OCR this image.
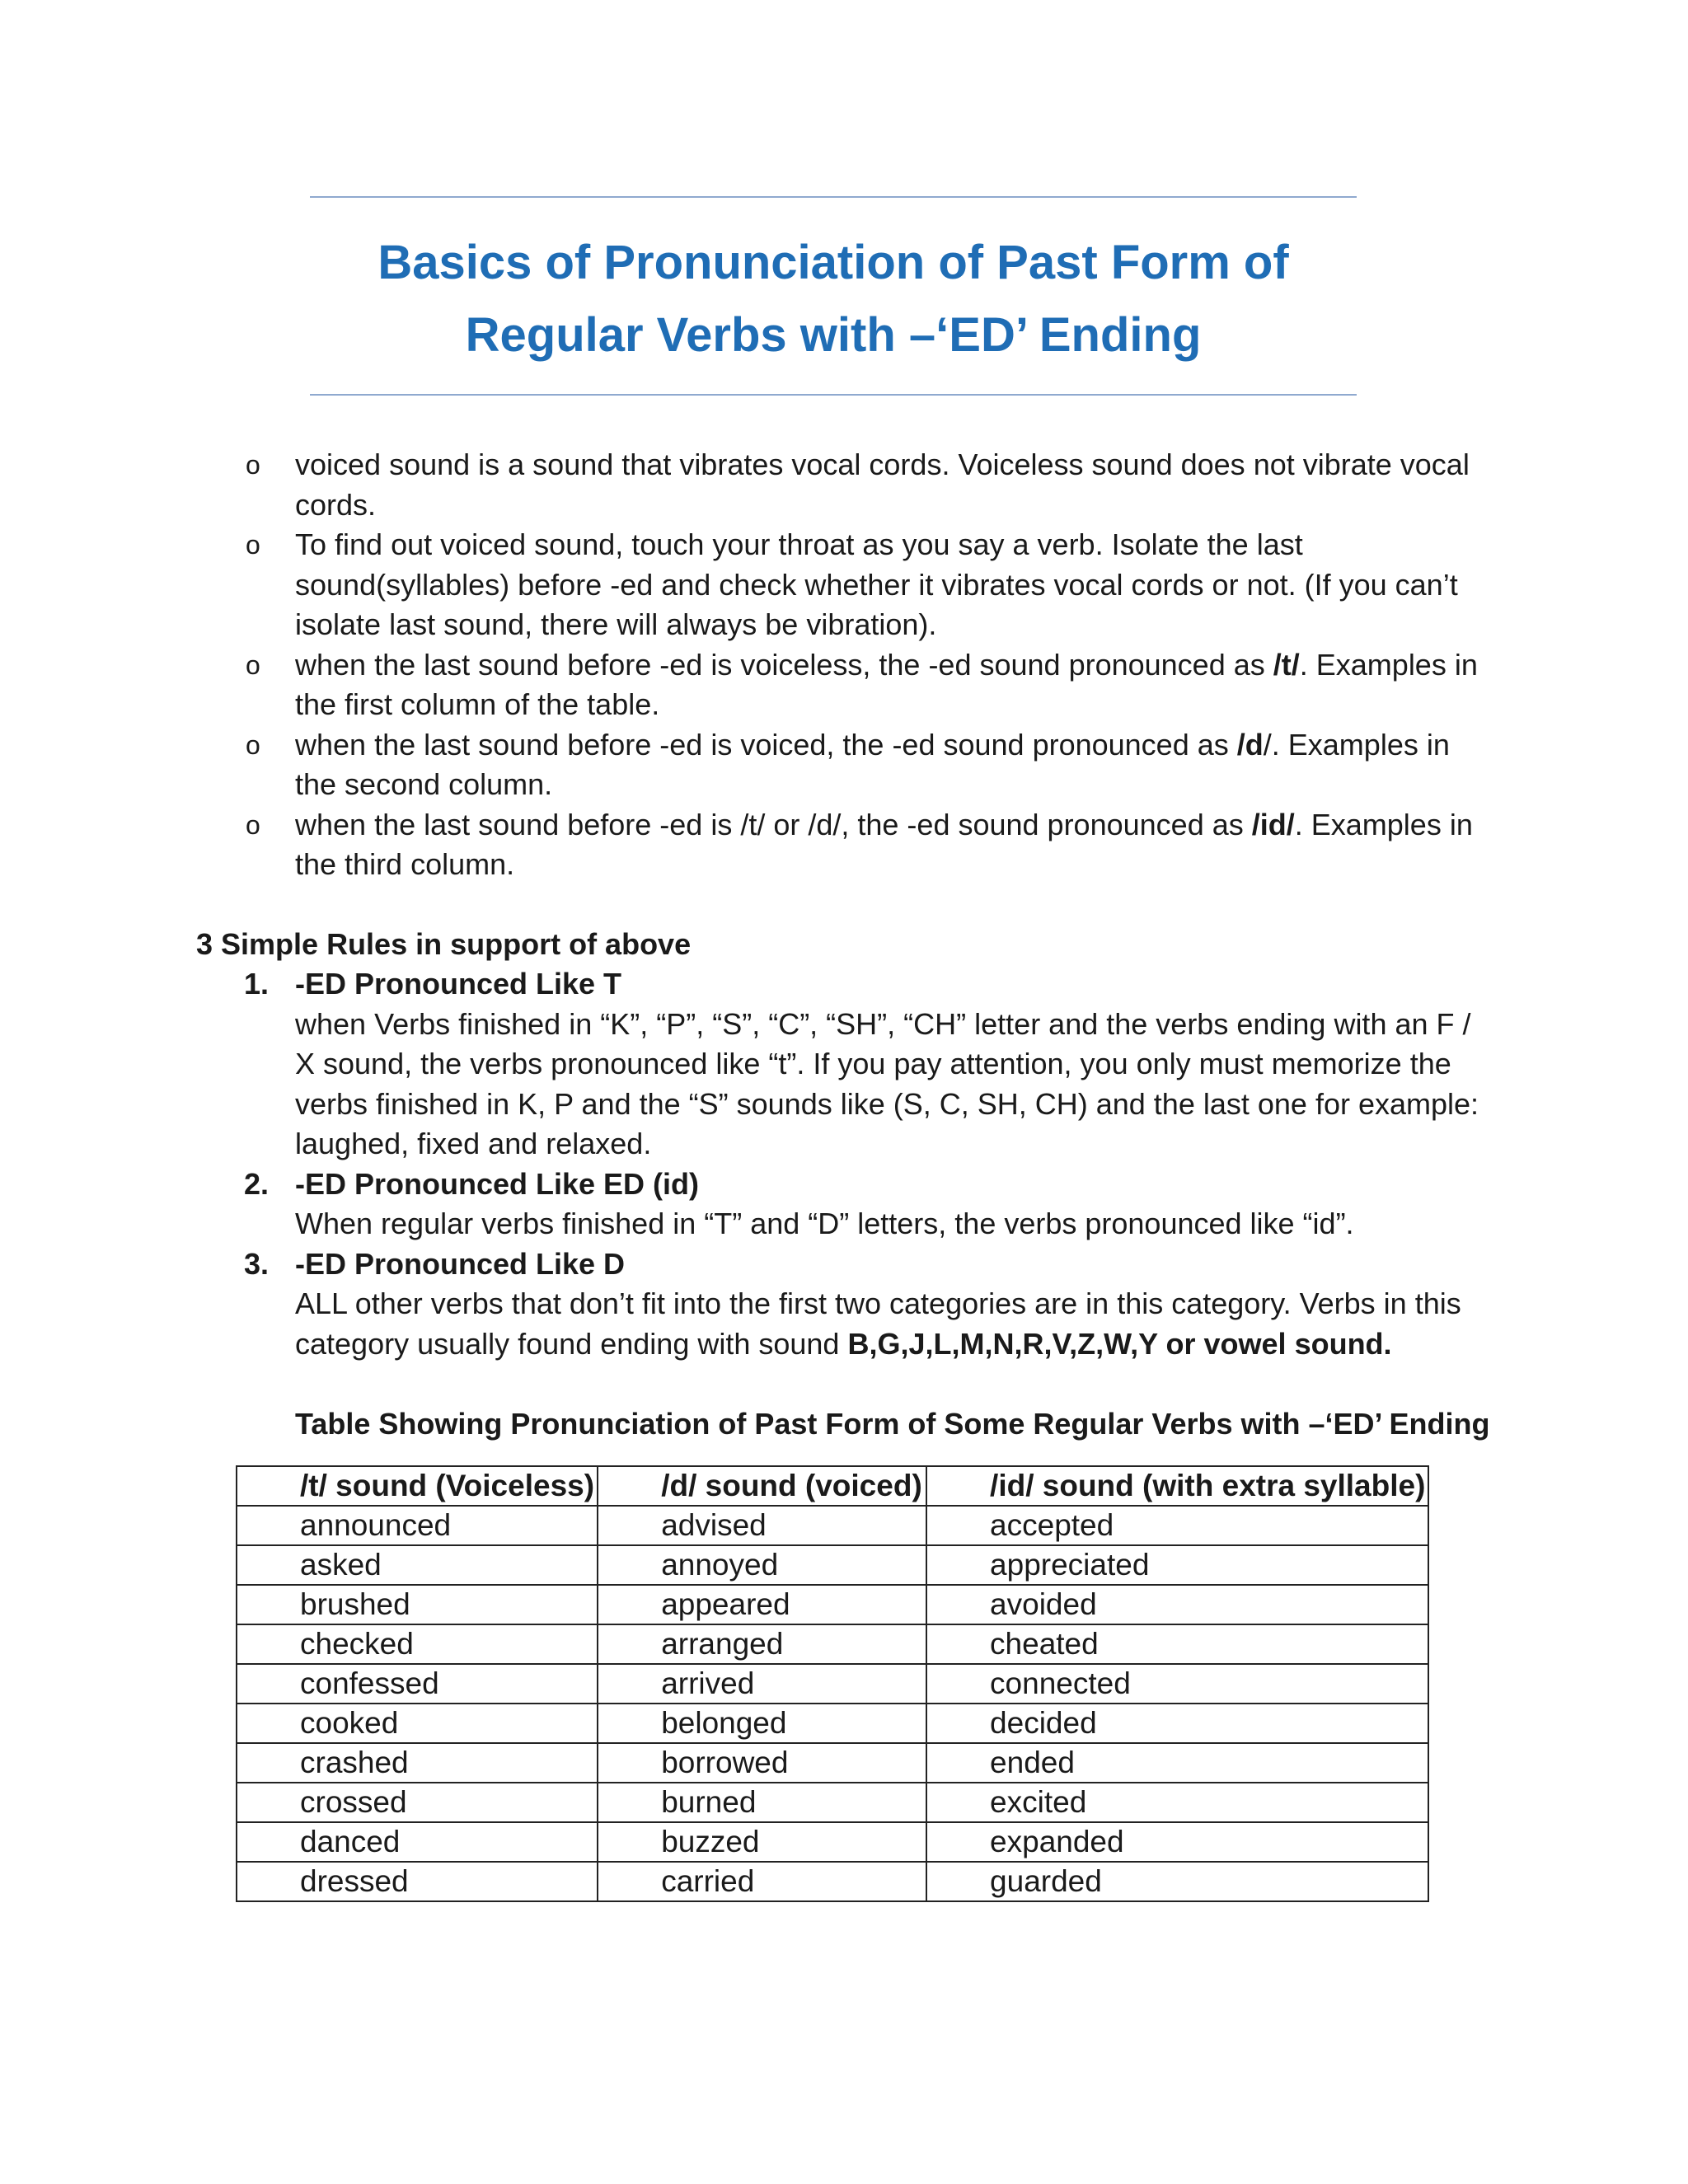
Basics of Pronunciation of Past Form of
Regular Verbs with –‘ED’ Ending
o voiced sound is a sound that vibrates vocal cords. Voiceless sound does not vibrate vocal cords.
o To find out voiced sound, touch your throat as you say a verb. Isolate the last sound(syllables) before -ed and check whether it vibrates vocal cords or not. (If you can’t isolate last sound, there will always be vibration).
o when the last sound before -ed is voiceless, the -ed sound pronounced as /t/. Examples in the first column of the table.
o when the last sound before -ed is voiced, the -ed sound pronounced as /d/. Examples in the second column.
o when the last sound before -ed is /t/ or /d/, the -ed sound pronounced as /id/. Examples in the third column.

3 Simple Rules in support of above

1. -ED Pronounced Like T
when Verbs finished in “K”, “P”, “S”, “C”, “SH”, “CH” letter and the verbs ending with an F / X sound, the verbs pronounced like “t”. If you pay attention, you only must memorize the verbs finished in K, P and the “S” sounds like (S, C, SH, CH) and the last one for example: laughed, fixed and relaxed.
2. -ED Pronounced Like ED (id)
When regular verbs finished in “T” and “D” letters, the verbs pronounced like “id”.
3. -ED Pronounced Like D
ALL other verbs that don’t fit into the first two categories are in this category. Verbs in this category usually found ending with sound B,G,J,L,M,N,R,V,Z,W,Y or vowel sound.

Table Showing Pronunciation of Past Form of Some Regular Verbs with –‘ED’ Ending

/t/ sound (Voiceless)	/d/ sound (voiced)	/id/ sound (with extra syllable)
announced	advised	accepted
asked	annoyed	appreciated
brushed	appeared	avoided
checked	arranged	cheated
confessed	arrived	connected
cooked	belonged	decided
crashed	borrowed	ended
crossed	burned	excited
danced	buzzed	expanded
dressed	carried	guarded
